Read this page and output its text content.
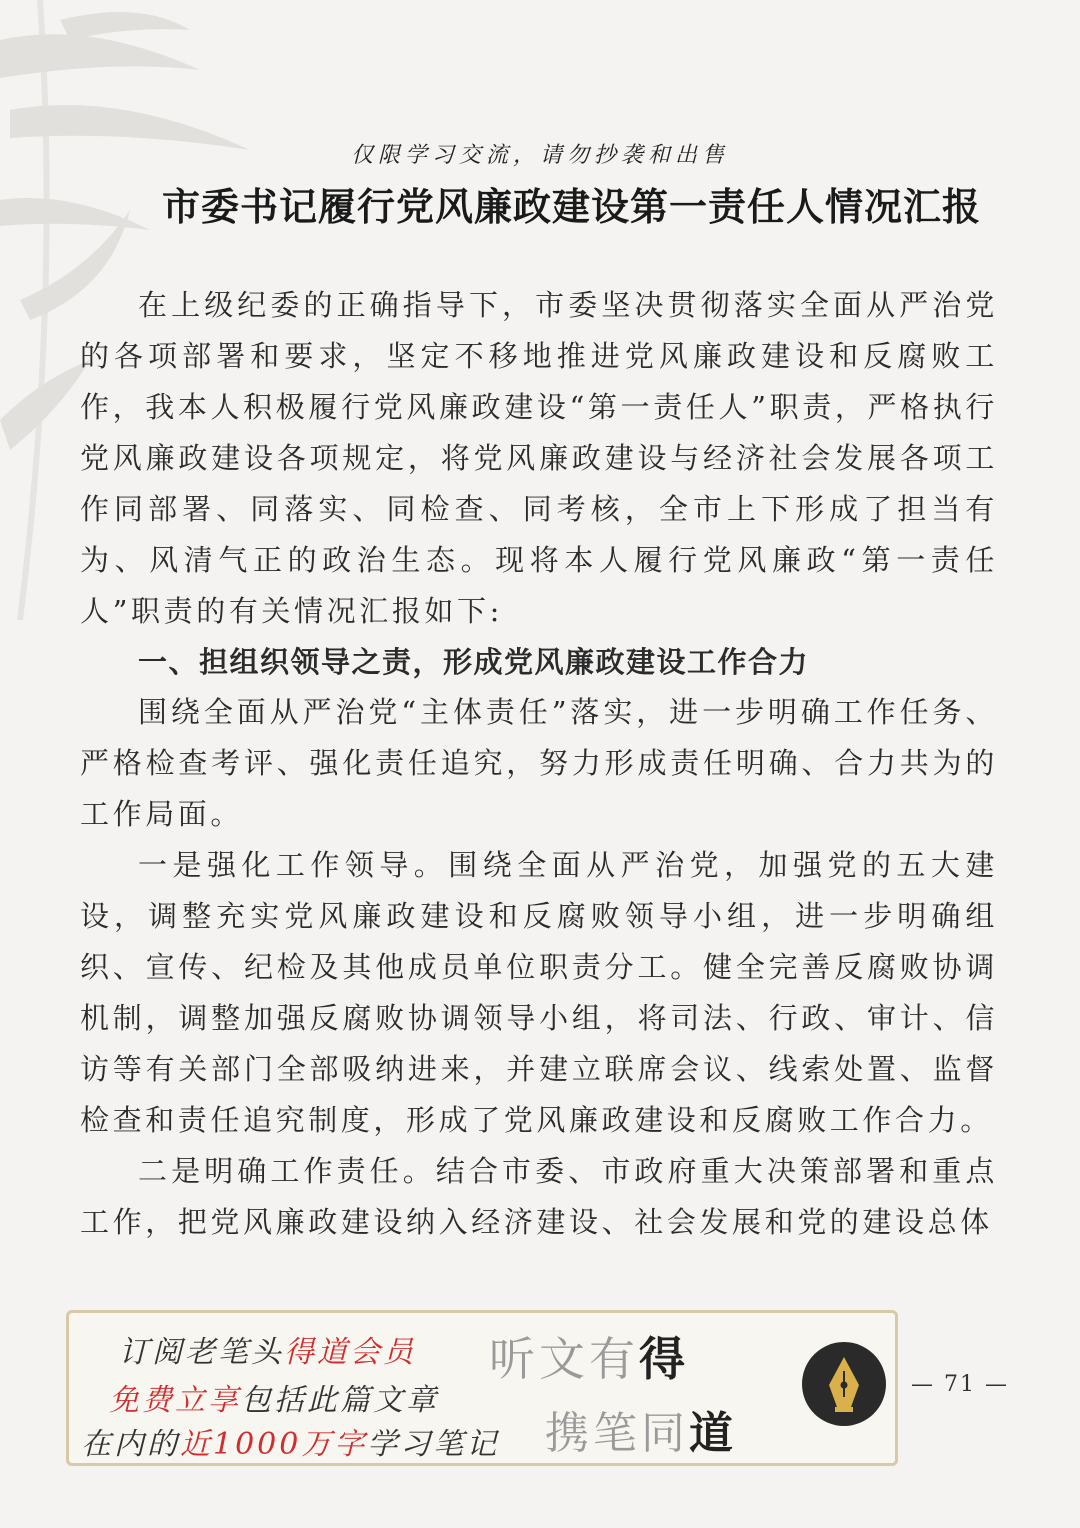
仅限学习交流，请勿抄袭和出售
市委书记履行党风廉政建设第一责任人情况汇报

在上级纪委的正确指导下，市委坚决贯彻落实全面从严治党的各项部署和要求，坚定不移地推进党风廉政建设和反腐败工作，我本人积极履行党风廉政建设“第一责任人”职责，严格执行党风廉政建设各项规定，将党风廉政建设与经济社会发展各项工作同部署、同落实、同检查、同考核，全市上下形成了担当有为、风清气正的政治生态。现将本人履行党风廉政“第一责任人”职责的有关情况汇报如下:

一、担组织领导之责，形成党风廉政建设工作合力

围绕全面从严治党“主体责任”落实，进一步明确工作任务、严格检查考评、强化责任追究，努力形成责任明确、合力共为的工作局面。

一是强化工作领导。围绕全面从严治党，加强党的五大建设，调整充实党风廉政建设和反腐败领导小组，进一步明确组织、宣传、纪检及其他成员单位职责分工。健全完善反腐败协调机制，调整加强反腐败协调领导小组，将司法、行政、审计、信访等有关部门全部吸纳进来，并建立联席会议、线索处置、监督检查和责任追究制度，形成了党风廉政建设和反腐败工作合力。

二是明确工作责任。结合市委、市政府重大决策部署和重点工作，把党风廉政建设纳入经济建设、社会发展和党的建设总体

订阅老笔头得道会员
免费立享包括此篇文章
在内的近1000万字学习笔记
听文有得
携笔同道
— 71 —
